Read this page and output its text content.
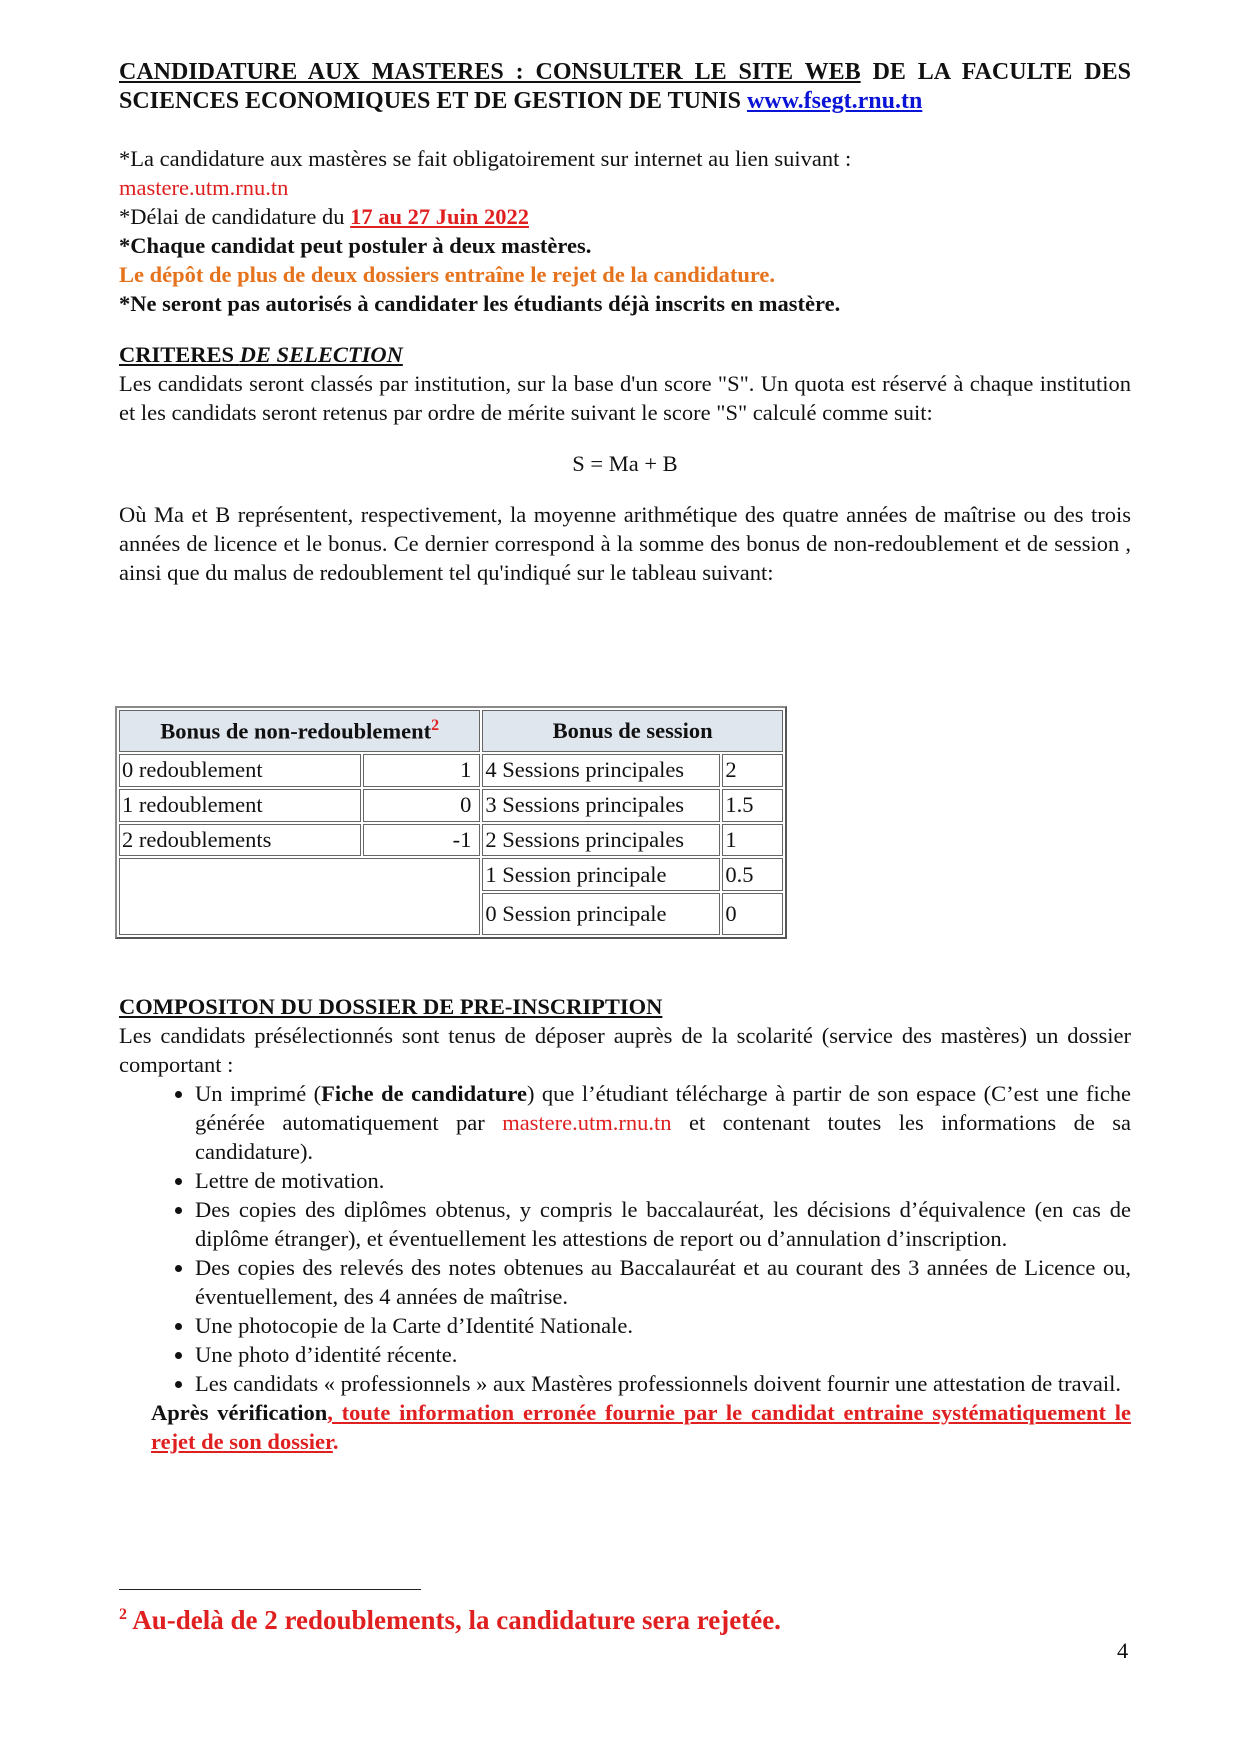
CANDIDATURE AUX MASTERES : CONSULTER LE SITE WEB DE LA FACULTE DES SCIENCES ECONOMIQUES ET DE GESTION DE TUNIS www.fsegt.rnu.tn

*La candidature aux mastères se fait obligatoirement sur internet au lien suivant :

mastere.utm.rnu.tn

*Délai de candidature du 17 au 27 Juin 2022

*Chaque candidat peut postuler à deux mastères.

Le dépôt de plus de deux dossiers entraîne le rejet de la candidature.

*Ne seront pas autorisés à candidater les étudiants déjà inscrits en mastère.

CRITERES DE SELECTION

Les candidats seront classés par institution, sur la base d'un score "S". Un quota est réservé à chaque institution et les candidats seront retenus par ordre de mérite suivant le score "S" calculé comme suit:

S = Ma + B

Où Ma et B représentent, respectivement, la moyenne arithmétique des quatre années de maîtrise ou des trois années de licence et le bonus. Ce dernier correspond à la somme des bonus de non-redoublement et de session , ainsi que du malus de redoublement tel qu'indiqué sur le tableau suivant:

Bonus de non-redoublement$^2$		Bonus de session	
0 redoublement	1	4 Sessions principales	2
1 redoublement	0	3 Sessions principales	1.5
2 redoublements	-1	2 Sessions principales	1
		1 Session principale	0.5
		0 Session principale	0

COMPOSITON DU DOSSIER DE PRE-INSCRIPTION

Les candidats présélectionnés sont tenus de déposer auprès de la scolarité (service des mastères) un dossier comportant :

• Un imprimé (Fiche de candidature) que l’étudiant télécharge à partir de son espace (C’est une fiche générée automatiquement par mastere.utm.rnu.tn et contenant toutes les informations de sa candidature).
• Lettre de motivation.
• Des copies des diplômes obtenus, y compris le baccalauréat, les décisions d’équivalence (en cas de diplôme étranger), et éventuellement les attestions de report ou d’annulation d’inscription.
• Des copies des relevés des notes obtenues au Baccalauréat et au courant des 3 années de Licence ou, éventuellement, des 4 années de maîtrise.
• Une photocopie de la Carte d’Identité Nationale.
• Une photo d’identité récente.
• Les candidats « professionnels » aux Mastères professionnels doivent fournir une attestation de travail.

Après vérification, toute information erronée fournie par le candidat entraine systématiquement le rejet de son dossier.

$^2$ Au-delà de 2 redoublements, la candidature sera rejetée.
4
